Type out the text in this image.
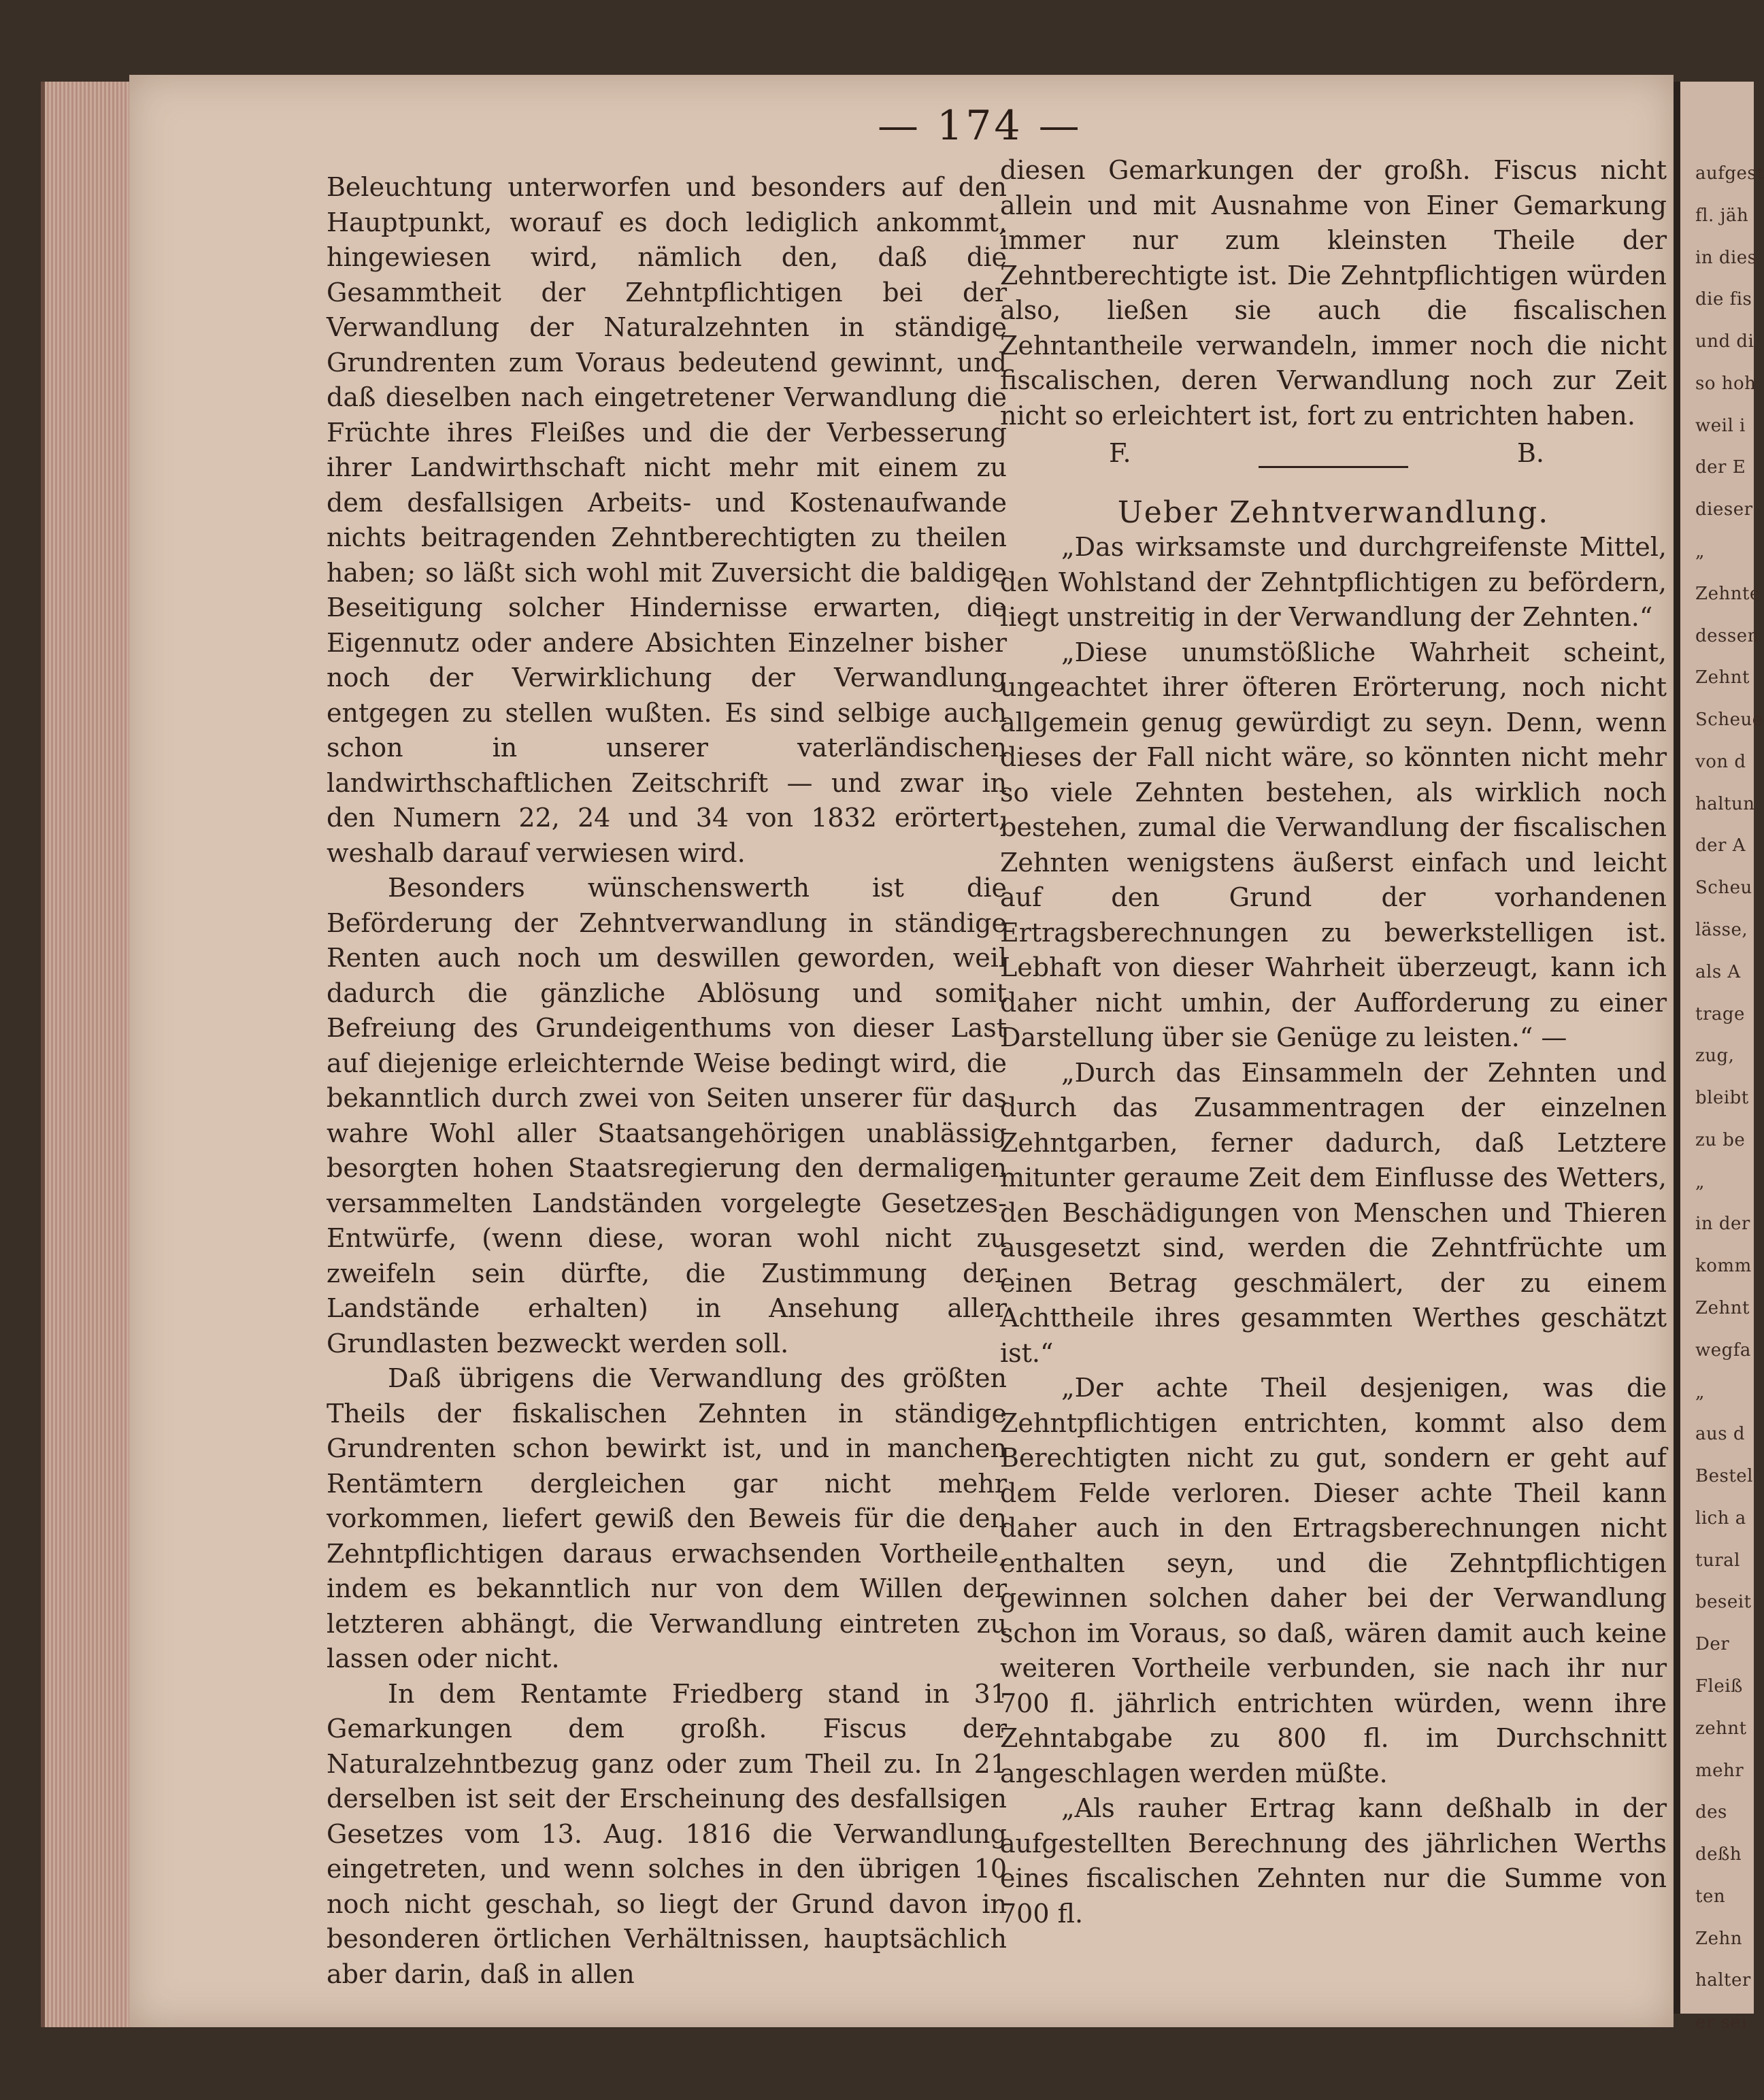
— 174 —

Beleuchtung unterworfen und besonders auf den Hauptpunkt, worauf es doch lediglich ankommt, hingewiesen wird, nämlich den, daß die Gesammtheit der Zehntpflichtigen bei der Verwandlung der Naturalzehnten in ständige Grundrenten zum Voraus bedeutend gewinnt, und daß dieselben nach eingetretener Verwandlung die Früchte ihres Fleißes und die der Verbesserung ihrer Landwirthschaft nicht mehr mit einem zu dem desfallsigen Arbeits- und Kostenaufwande nichts beitragenden Zehntberechtigten zu theilen haben; so läßt sich wohl mit Zuversicht die baldige Beseitigung solcher Hindernisse erwarten, die Eigennutz oder andere Absichten Einzelner bisher noch der Verwirklichung der Verwandlung entgegen zu stellen wußten. Es sind selbige auch schon in unserer vaterländischen landwirthschaftlichen Zeitschrift — und zwar in den Numern 22, 24 und 34 von 1832 erörtert, weshalb darauf verwiesen wird.

Besonders wünschenswerth ist die Beförderung der Zehntverwandlung in ständige Renten auch noch um deswillen geworden, weil dadurch die gänzliche Ablösung und somit Befreiung des Grundeigenthums von dieser Last auf diejenige erleichternde Weise bedingt wird, die bekanntlich durch zwei von Seiten unserer für das wahre Wohl aller Staatsangehörigen unablässig besorgten hohen Staatsregierung den dermaligen versammelten Landständen vorgelegte Gesetzes-Entwürfe, (wenn diese, woran wohl nicht zu zweifeln sein dürfte, die Zustimmung der Landstände erhalten) in Ansehung aller Grundlasten bezweckt werden soll.

Daß übrigens die Verwandlung des größten Theils der fiskalischen Zehnten in ständige Grundrenten schon bewirkt ist, und in manchen Rentämtern dergleichen gar nicht mehr vorkommen, liefert gewiß den Beweis für die den Zehntpflichtigen daraus erwachsenden Vortheile, indem es bekanntlich nur von dem Willen der letzteren abhängt, die Verwandlung eintreten zu lassen oder nicht.

In dem Rentamte Friedberg stand in 31 Gemarkungen dem großh. Fiscus der Naturalzehntbezug ganz oder zum Theil zu. In 21 derselben ist seit der Erscheinung des desfallsigen Gesetzes vom 13. Aug. 1816 die Verwandlung eingetreten, und wenn solches in den übrigen 10 noch nicht geschah, so liegt der Grund davon in besonderen örtlichen Verhältnissen, hauptsächlich aber darin, daß in allen

diesen Gemarkungen der großh. Fiscus nicht allein und mit Ausnahme von Einer Gemarkung immer nur zum kleinsten Theile der Zehntberechtigte ist. Die Zehntpflichtigen würden also, ließen sie auch die fiscalischen Zehntantheile verwandeln, immer noch die nicht fiscalischen, deren Verwandlung noch zur Zeit nicht so erleichtert ist, fort zu entrichten haben.

F.	B.

Ueber Zehntverwandlung.

„Das wirksamste und durchgreifenste Mittel, den Wohlstand der Zehntpflichtigen zu befördern, liegt unstreitig in der Verwandlung der Zehnten.“

„Diese unumstößliche Wahrheit scheint, ungeachtet ihrer öfteren Erörterung, noch nicht allgemein genug gewürdigt zu seyn. Denn, wenn dieses der Fall nicht wäre, so könnten nicht mehr so viele Zehnten bestehen, als wirklich noch bestehen, zumal die Verwandlung der fiscalischen Zehnten wenigstens äußerst einfach und leicht auf den Grund der vorhandenen Ertragsberechnungen zu bewerkstelligen ist. Lebhaft von dieser Wahrheit überzeugt, kann ich daher nicht umhin, der Aufforderung zu einer Darstellung über sie Genüge zu leisten.“ —

„Durch das Einsammeln der Zehnten und durch das Zusammentragen der einzelnen Zehntgarben, ferner dadurch, daß Letztere mitunter geraume Zeit dem Einflusse des Wetters, den Beschädigungen von Menschen und Thieren ausgesetzt sind, werden die Zehntfrüchte um einen Betrag geschmälert, der zu einem Achttheile ihres gesammten Werthes geschätzt ist.“

„Der achte Theil desjenigen, was die Zehntpflichtigen entrichten, kommt also dem Berechtigten nicht zu gut, sondern er geht auf dem Felde verloren. Dieser achte Theil kann daher auch in den Ertragsberechnungen nicht enthalten seyn, und die Zehntpflichtigen gewinnen solchen daher bei der Verwandlung schon im Voraus, so daß, wären damit auch keine weiteren Vortheile verbunden, sie nach ihr nur 700 fl. jährlich entrichten würden, wenn ihre Zehntabgabe zu 800 fl. im Durchschnitt angeschlagen werden müßte.

„Als rauher Ertrag kann deßhalb in der aufgestellten Berechnung des jährlichen Werths eines fiscalischen Zehnten nur die Summe von 700 fl.

aufgest
fl. jäh
in dies
die fis
und di
so hoh
weil i
der E
dieser
„
Zehnte
dessen
Zehnt
Scheue
von d
haltun
der A
Scheu
lässe,
als A
trage
zug,
bleibt
zu be
„
in der
komm
Zehnt
wegfa
„
aus d
Bestel
lich a
tural
beseit
Der
Fleiß
zehnt
mehr
des
deßh
ten
Zehn
halter
er sei
